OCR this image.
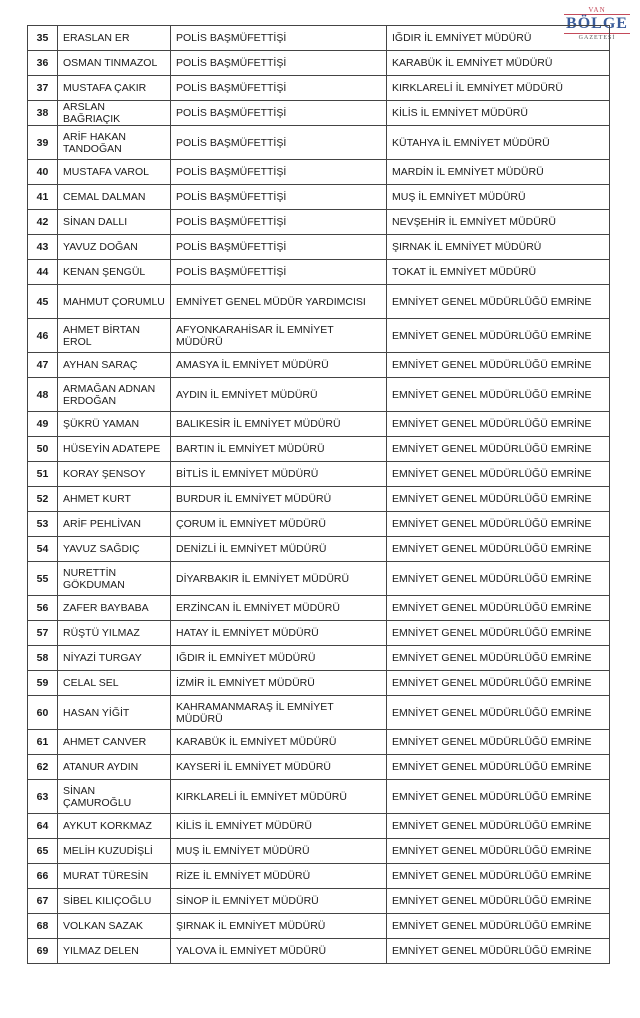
VAN
BÖLGE
GAZETESİ
35	ERASLAN ER	POLİS BAŞMÜFETTİŞİ	IĞDIR İL EMNİYET MÜDÜRÜ
36	OSMAN TINMAZOL	POLİS BAŞMÜFETTİŞİ	KARABÜK İL EMNİYET MÜDÜRÜ
37	MUSTAFA ÇAKIR	POLİS BAŞMÜFETTİŞİ	KIRKLARELİ İL EMNİYET MÜDÜRÜ
38	ARSLAN BAĞRIAÇIK	POLİS BAŞMÜFETTİŞİ	KİLİS İL EMNİYET MÜDÜRÜ
39	ARİF HAKAN TANDOĞAN	POLİS BAŞMÜFETTİŞİ	KÜTAHYA İL EMNİYET MÜDÜRÜ
40	MUSTAFA VAROL	POLİS BAŞMÜFETTİŞİ	MARDİN İL EMNİYET MÜDÜRÜ
41	CEMAL DALMAN	POLİS BAŞMÜFETTİŞİ	MUŞ İL EMNİYET MÜDÜRÜ
42	SİNAN DALLI	POLİS BAŞMÜFETTİŞİ	NEVŞEHİR İL EMNİYET MÜDÜRÜ
43	YAVUZ DOĞAN	POLİS BAŞMÜFETTİŞİ	ŞIRNAK İL EMNİYET MÜDÜRÜ
44	KENAN ŞENGÜL	POLİS BAŞMÜFETTİŞİ	TOKAT İL EMNİYET MÜDÜRÜ
45	MAHMUT ÇORUMLU	EMNİYET GENEL MÜDÜR YARDIMCISI	EMNİYET GENEL MÜDÜRLÜĞÜ EMRİNE
46	AHMET BİRTAN EROL	AFYONKARAHİSAR İL EMNİYET MÜDÜRÜ	EMNİYET GENEL MÜDÜRLÜĞÜ EMRİNE
47	AYHAN SARAÇ	AMASYA İL EMNİYET MÜDÜRÜ	EMNİYET GENEL MÜDÜRLÜĞÜ EMRİNE
48	ARMAĞAN ADNAN ERDOĞAN	AYDIN İL EMNİYET MÜDÜRÜ	EMNİYET GENEL MÜDÜRLÜĞÜ EMRİNE
49	ŞÜKRÜ YAMAN	BALIKESİR İL EMNİYET MÜDÜRÜ	EMNİYET GENEL MÜDÜRLÜĞÜ EMRİNE
50	HÜSEYİN ADATEPE	BARTIN İL EMNİYET MÜDÜRÜ	EMNİYET GENEL MÜDÜRLÜĞÜ EMRİNE
51	KORAY ŞENSOY	BİTLİS İL EMNİYET MÜDÜRÜ	EMNİYET GENEL MÜDÜRLÜĞÜ EMRİNE
52	AHMET KURT	BURDUR İL EMNİYET MÜDÜRÜ	EMNİYET GENEL MÜDÜRLÜĞÜ EMRİNE
53	ARİF PEHLİVAN	ÇORUM İL EMNİYET MÜDÜRÜ	EMNİYET GENEL MÜDÜRLÜĞÜ EMRİNE
54	YAVUZ SAĞDIÇ	DENİZLİ İL EMNİYET MÜDÜRÜ	EMNİYET GENEL MÜDÜRLÜĞÜ EMRİNE
55	NURETTİN GÖKDUMAN	DİYARBAKIR İL EMNİYET MÜDÜRÜ	EMNİYET GENEL MÜDÜRLÜĞÜ EMRİNE
56	ZAFER BAYBABA	ERZİNCAN İL EMNİYET MÜDÜRÜ	EMNİYET GENEL MÜDÜRLÜĞÜ EMRİNE
57	RÜŞTÜ YILMAZ	HATAY İL EMNİYET MÜDÜRÜ	EMNİYET GENEL MÜDÜRLÜĞÜ EMRİNE
58	NİYAZİ TURGAY	IĞDIR İL EMNİYET MÜDÜRÜ	EMNİYET GENEL MÜDÜRLÜĞÜ EMRİNE
59	CELAL SEL	İZMİR İL EMNİYET MÜDÜRÜ	EMNİYET GENEL MÜDÜRLÜĞÜ EMRİNE
60	HASAN YİĞİT	KAHRAMANMARAŞ İL EMNİYET MÜDÜRÜ	EMNİYET GENEL MÜDÜRLÜĞÜ EMRİNE
61	AHMET CANVER	KARABÜK İL EMNİYET MÜDÜRÜ	EMNİYET GENEL MÜDÜRLÜĞÜ EMRİNE
62	ATANUR AYDIN	KAYSERİ İL EMNİYET MÜDÜRÜ	EMNİYET GENEL MÜDÜRLÜĞÜ EMRİNE
63	SİNAN ÇAMUROĞLU	KIRKLARELİ İL EMNİYET MÜDÜRÜ	EMNİYET GENEL MÜDÜRLÜĞÜ EMRİNE
64	AYKUT KORKMAZ	KİLİS İL EMNİYET MÜDÜRÜ	EMNİYET GENEL MÜDÜRLÜĞÜ EMRİNE
65	MELİH KUZUDİŞLİ	MUŞ İL EMNİYET MÜDÜRÜ	EMNİYET GENEL MÜDÜRLÜĞÜ EMRİNE
66	MURAT TÜRESİN	RİZE İL EMNİYET MÜDÜRÜ	EMNİYET GENEL MÜDÜRLÜĞÜ EMRİNE
67	SİBEL KILIÇOĞLU	SİNOP İL EMNİYET MÜDÜRÜ	EMNİYET GENEL MÜDÜRLÜĞÜ EMRİNE
68	VOLKAN SAZAK	ŞIRNAK İL EMNİYET MÜDÜRÜ	EMNİYET GENEL MÜDÜRLÜĞÜ EMRİNE
69	YILMAZ DELEN	YALOVA İL EMNİYET MÜDÜRÜ	EMNİYET GENEL MÜDÜRLÜĞÜ EMRİNE
